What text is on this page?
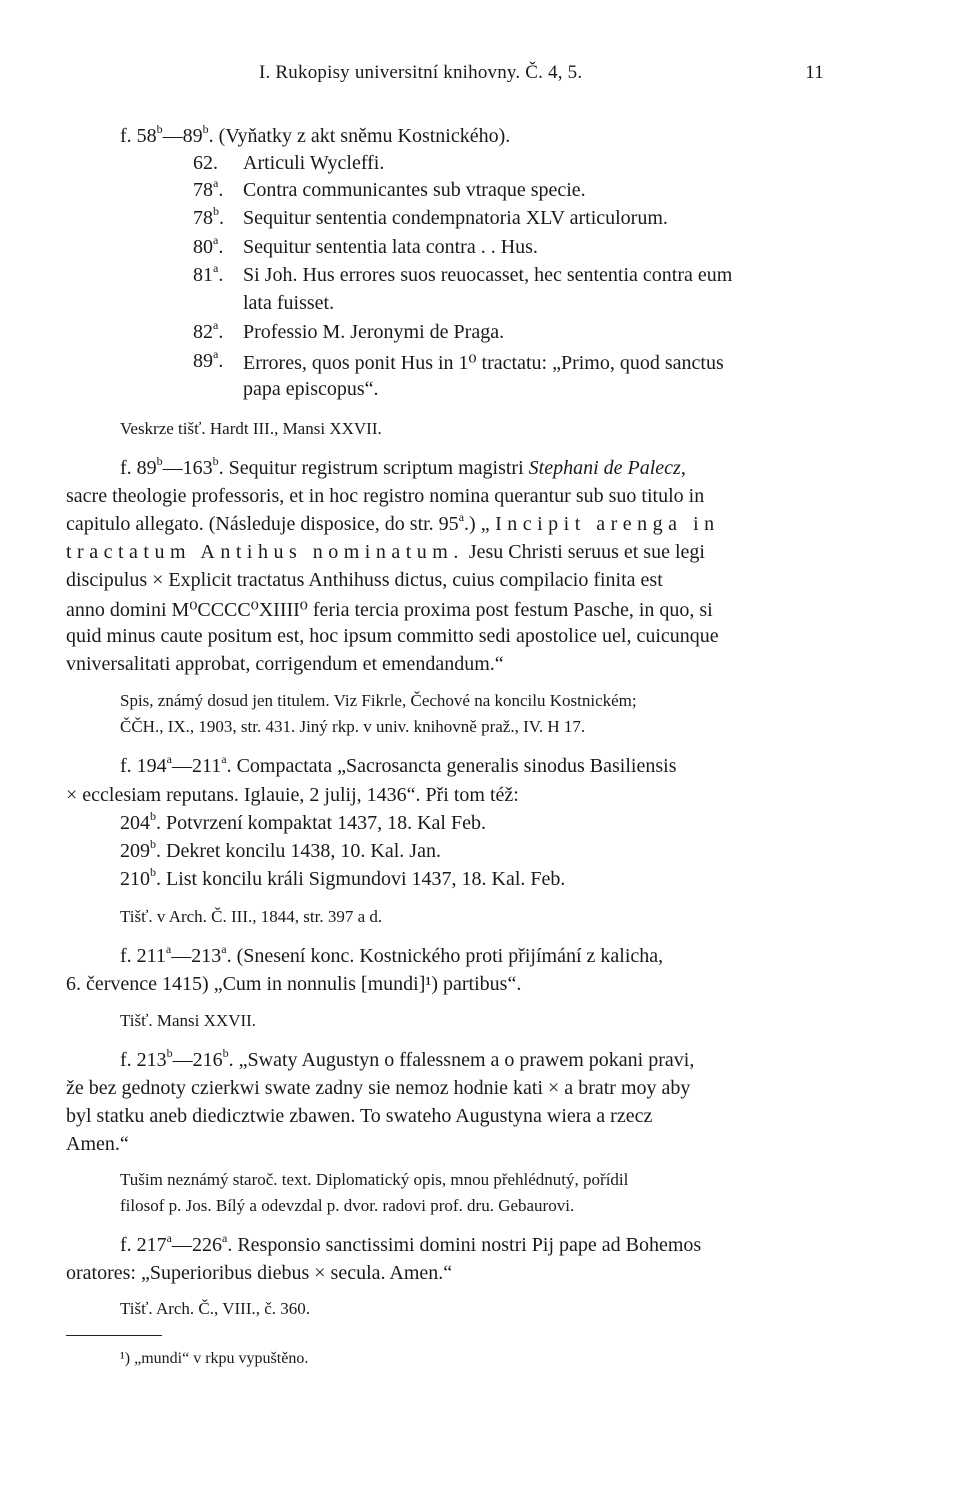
I. Rukopisy universitní knihovny. Č. 4, 5.	11
f. 58$^b$—89$^b$. (Vyňatky z akt sněmu Kostnického).
62. Articuli Wycleffi.
78$^a$. Contra communicantes sub vtraque specie.
78$^b$. Sequitur sententia condempnatoria XLV articulorum.
80$^a$. Sequitur sententia lata contra . . Hus.
81$^a$. Si Joh. Hus errores suos reuocasset, hec sententia contra eum
lata fuisset.
82$^a$. Professio M. Jeronymi de Praga.
89$^a$. Errores, quos ponit Hus in 1⁰ tractatu: „Primo, quod sanctus
papa episcopus“.
Veskrze tišť. Hardt III., Mansi XXVII.
f. 89$^b$—163$^b$. Sequitur registrum scriptum magistri Stephani de Palecz,
sacre theologie professoris, et in hoc registro nomina querantur sub suo titulo in
capitulo allegato. (Následuje disposice, do str. 95$^a$.) „Incipit arenga in
tractatum Antihus nominatum. Jesu Christi seruus et sue legi
discipulus × Explicit tractatus Anthihuss dictus, cuius compilacio finita est
anno domini M⁰CCCC⁰XIIII⁰ feria tercia proxima post festum Pasche, in quo, si
quid minus caute positum est, hoc ipsum committo sedi apostolice uel, cuicunque
vniversalitati approbat, corrigendum et emendandum.“
Spis, známý dosud jen titulem. Viz Fikrle, Čechové na koncilu Kostnickém;
ČČH., IX., 1903, str. 431. Jiný rkp. v univ. knihovně praž., IV. H 17.
f. 194$^a$—211$^a$. Compactata „Sacrosancta generalis sinodus Basiliensis
× ecclesiam reputans. Iglauie, 2 julij, 1436“. Při tom též:
204$^b$. Potvrzení kompaktat 1437, 18. Kal Feb.
209$^b$. Dekret koncilu 1438, 10. Kal. Jan.
210$^b$. List koncilu králi Sigmundovi 1437, 18. Kal. Feb.
Tišť. v Arch. Č. III., 1844, str. 397 a d.
f. 211$^a$—213$^a$. (Snesení konc. Kostnického proti přijímání z kalicha,
6. července 1415) „Cum in nonnulis [mundi]¹) partibus“.
Tišť. Mansi XXVII.
f. 213$^b$—216$^b$. „Swaty Augustyn o ffalessnem a o prawem pokani pravi,
že bez gednoty czierkwi swate zadny sie nemoz hodnie kati × a bratr moy aby
byl statku aneb diedicztwie zbawen. To swateho Augustyna wiera a rzecz
Amen.“
Tušim neznámý staroč. text. Diplomatický opis, mnou přehlédnutý, pořídil
filosof p. Jos. Bílý a odevzdal p. dvor. radovi prof. dru. Gebaurovi.
f. 217$^a$—226$^a$. Responsio sanctissimi domini nostri Pij pape ad Bohemos
oratores: „Superioribus diebus × secula. Amen.“
Tišť. Arch. Č., VIII., č. 360.
¹) „mundi“ v rkpu vypuštěno.
